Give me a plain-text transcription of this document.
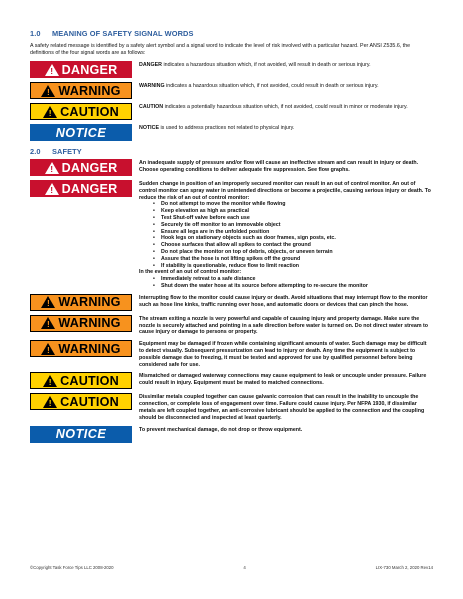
1.0 MEANING OF SAFETY SIGNAL WORDS
A safety related message is identified by a safety alert symbol and a signal word to indicate the level of risk involved with a particular hazard. Per ANSI Z535.6, the definitions of the four signal words are as follows:
! DANGER	DANGER indicates a hazardous situation which, if not avoided, will result in death or serious injury.
! WARNING	WARNING indicates a hazardous situation which, if not avoided, could result in death or serious injury.
! CAUTION	CAUTION indicates a potentially hazardous situation which, if not avoided, could result in minor or moderate injury.
NOTICE	NOTICE is used to address practices not related to physical injury.
2.0 SAFETY
! DANGER	An inadequate supply of pressure and/or flow will cause an ineffective stream and can result in injury or death. Choose operating conditions to deliver adequate fire suppression. See flow graphs.
! DANGER	Sudden change in position of an improperly secured monitor can result in an out of control monitor. An out of control monitor can spray water in unintended directions or become a projectile, causing serious injury or death. To reduce the risk of an out of control monitor:
• Do not attempt to move the monitor while flowing
• Keep elevation as high as practical
• Test Shut-off valve before each use
• Securely tie off monitor to an immovable object
• Ensure all legs are in the unfolded position
• Hook legs on stationary objects such as door frames, sign posts, etc.
• Choose surfaces that allow all spikes to contact the ground
• Do not place the monitor on top of debris, objects, or uneven terrain
• Assure that the hose is not lifting spikes off the ground
• If stability is questionable, reduce flow to limit reaction
In the event of an out of control monitor:
• Immediately retreat to a safe distance
• Shut down the water hose at its source before attempting to re-secure the monitor
! WARNING	Interrupting flow to the monitor could cause injury or death. Avoid situations that may interrupt flow to the monitor such as hose line kinks, traffic running over hose, and automatic doors or devices that can pinch the hose.
! WARNING	The stream exiting a nozzle is very powerful and capable of causing injury and property damage. Make sure the nozzle is securely attached and pointing in a safe direction before water is turned on. Do not direct water stream to cause injury or damage to persons or property.
! WARNING	Equipment may be damaged if frozen while containing significant amounts of water. Such damage may be difficult to detect visually. Subsequent pressurization can lead to injury or death. Any time the equipment is subject to possible damage due to freezing, it must be tested and approved for use by qualified personnel before being considered safe for use.
! CAUTION	Mismatched or damaged waterway connections may cause equipment to leak or uncouple under pressure. Failure could result in injury. Equipment must be mated to matched connections.
! CAUTION	Dissimilar metals coupled together can cause galvanic corrosion that can result in the inability to uncouple the connection, or complete loss of engagement over time. Failure could cause injury. Per NFPA 1930, if dissimilar metals are left coupled together, an anti-corrosive lubricant should be applied to the connection and the coupling should be disconnected and inspected at least quarterly.
NOTICE	To prevent mechanical damage, do not drop or throw equipment.
©Copyright Task Force Tips LLC 2008-2020	4	LIX-730 March 2, 2020 Rev14
